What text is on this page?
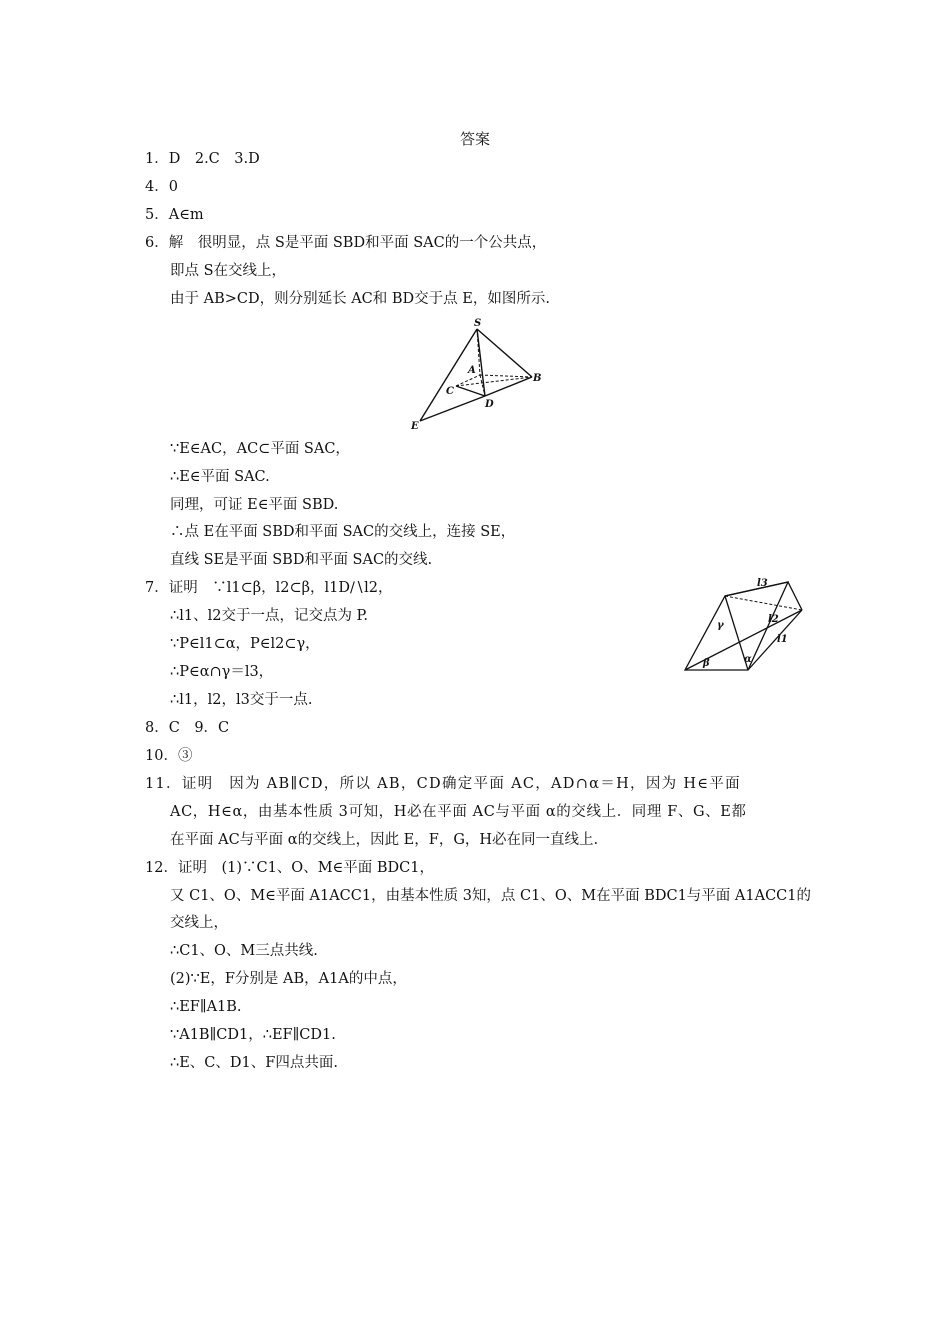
答案
1．D　2.C　3.D
4．0
5．A∈m
6．解　很明显，点 S是平面 SBD和平面 SAC的一个公共点，
即点 S在交线上，
由于 AB>CD，则分别延长 AC和 BD交于点 E，如图所示.
S
A
B
C
D
E
∵E∈AC，AC⊂平面 SAC，
∴E∈平面 SAC.
同理，可证 E∈平面 SBD.
∴点 E在平面 SBD和平面 SAC的交线上，连接 SE，
直线 SE是平面 SBD和平面 SAC的交线.
7．证明　∵l1⊂β，l2⊂β，l1D∕∖l2，
∴l1、l2交于一点，记交点为 P.
∵P∈l1⊂α，P∈l2⊂γ，
∴P∈α∩γ＝l3，
∴l1，l2，l3交于一点.
l3
l2
l1
γ
α
β
8．C　9．C
10．③
11．证明　因为 AB∥CD，所以 AB，CD确定平面 AC，AD∩α＝H，因为 H∈平面
AC，H∈α，由基本性质 3可知，H必在平面 AC与平面 α的交线上．同理 F、G、E都
在平面 AC与平面 α的交线上，因此 E，F，G，H必在同一直线上.
12．证明　(1)∵C1、O、M∈平面 BDC1，
又 C1、O、M∈平面 A1ACC1，由基本性质 3知，点 C1、O、M在平面 BDC1与平面 A1ACC1的
交线上，
∴C1、O、M三点共线.
(2)∵E，F分别是 AB，A1A的中点，
∴EF∥A1B.
∵A1B∥CD1，∴EF∥CD1.
∴E、C、D1、F四点共面.
